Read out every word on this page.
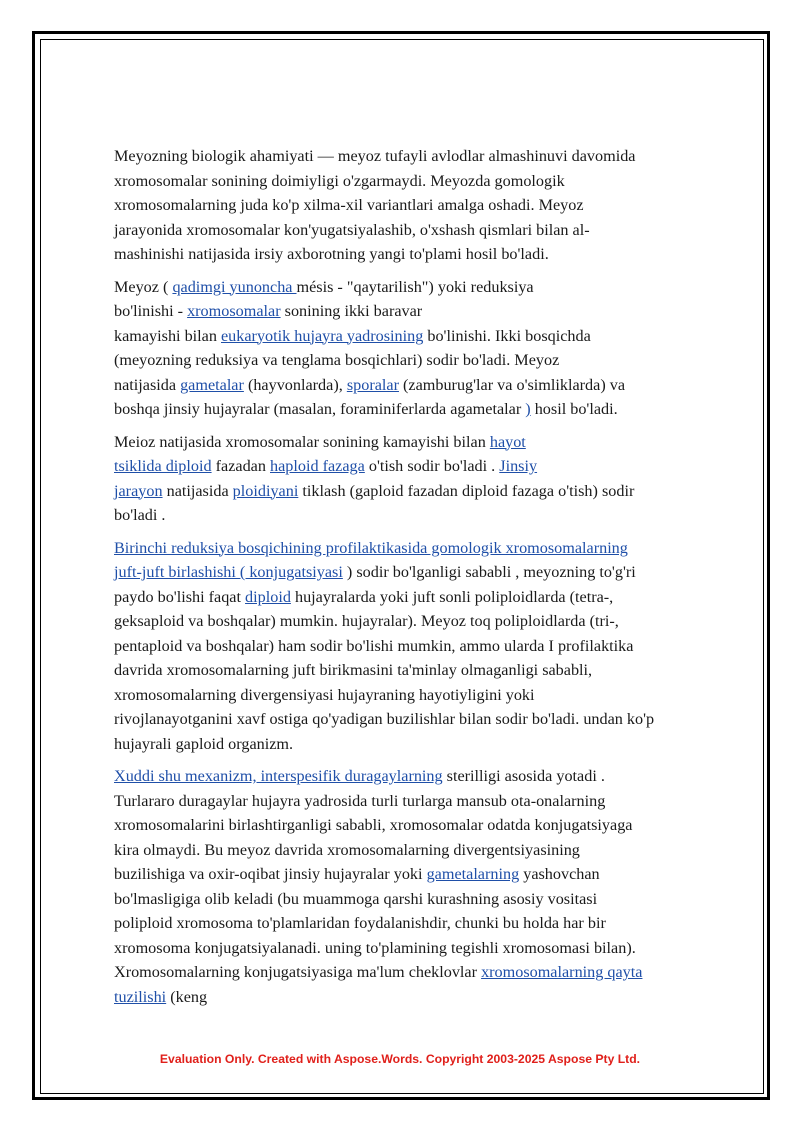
Meyozning biologik ahamiyati — meyoz tufayli avlodlar almashinuvi davomida
xromosomalar sonining doimiyligi o'zgarmaydi. Meyozda gomologik
xromosomalarning juda ko'p xilma-xil variantlari amalga oshadi. Meyoz
jarayonida xromosomalar kon'yugatsiyalashib, o'xshash qismlari bilan al-
mashinishi natijasida irsiy axborotning yangi to'plami hosil bo'ladi.
Meyoz ( qadimgi yunoncha mésis - "qaytarilish") yoki reduksiya
bo'linishi - xromosomalar sonining ikki baravar
kamayishi bilan eukaryotik hujayra yadrosining bo'linishi. Ikki bosqichda
(meyozning reduksiya va tenglama bosqichlari) sodir bo'ladi. Meyoz
natijasida gametalar (hayvonlarda), sporalar (zamburug'lar va o'simliklarda) va
boshqa jinsiy hujayralar (masalan, foraminiferlarda agametalar ) hosil bo'ladi.
Meioz natijasida xromosomalar sonining kamayishi bilan hayot
tsiklida diploid fazadan haploid fazaga o'tish sodir bo'ladi . Jinsiy
jarayon natijasida ploidiyani tiklash (gaploid fazadan diploid fazaga o'tish) sodir
bo'ladi .
Birinchi reduksiya bosqichining profilaktikasida gomologik xromosomalarning
juft-juft birlashishi ( konjugatsiyasi ) sodir bo'lganligi sababli , meyozning to'g'ri
paydo bo'lishi faqat diploid hujayralarda yoki juft sonli poliploidlarda (tetra-,
geksaploid va boshqalar) mumkin. hujayralar). Meyoz toq poliploidlarda (tri-,
pentaploid va boshqalar) ham sodir bo'lishi mumkin, ammo ularda I profilaktika
davrida xromosomalarning juft birikmasini ta'minlay olmaganligi sababli,
xromosomalarning divergensiyasi hujayraning hayotiyligini yoki
rivojlanayotganini xavf ostiga qo'yadigan buzilishlar bilan sodir bo'ladi. undan ko'p
hujayrali gaploid organizm.
Xuddi shu mexanizm, interspesifik duragaylarning sterilligi asosida yotadi .
Turlararo duragaylar hujayra yadrosida turli turlarga mansub ota-onalarning
xromosomalarini birlashtirganligi sababli, xromosomalar odatda konjugatsiyaga
kira olmaydi. Bu meyoz davrida xromosomalarning divergentsiyasining
buzilishiga va oxir-oqibat jinsiy hujayralar yoki gametalarning yashovchan
bo'lmasligiga olib keladi (bu muammoga qarshi kurashning asosiy vositasi
poliploid xromosoma to'plamlaridan foydalanishdir, chunki bu holda har bir
xromosoma konjugatsiyalanadi. uning to'plamining tegishli xromosomasi bilan).
Xromosomalarning konjugatsiyasiga ma'lum cheklovlar xromosomalarning qayta
tuzilishi (keng
Evaluation Only. Created with Aspose.Words. Copyright 2003-2025 Aspose Pty Ltd.
